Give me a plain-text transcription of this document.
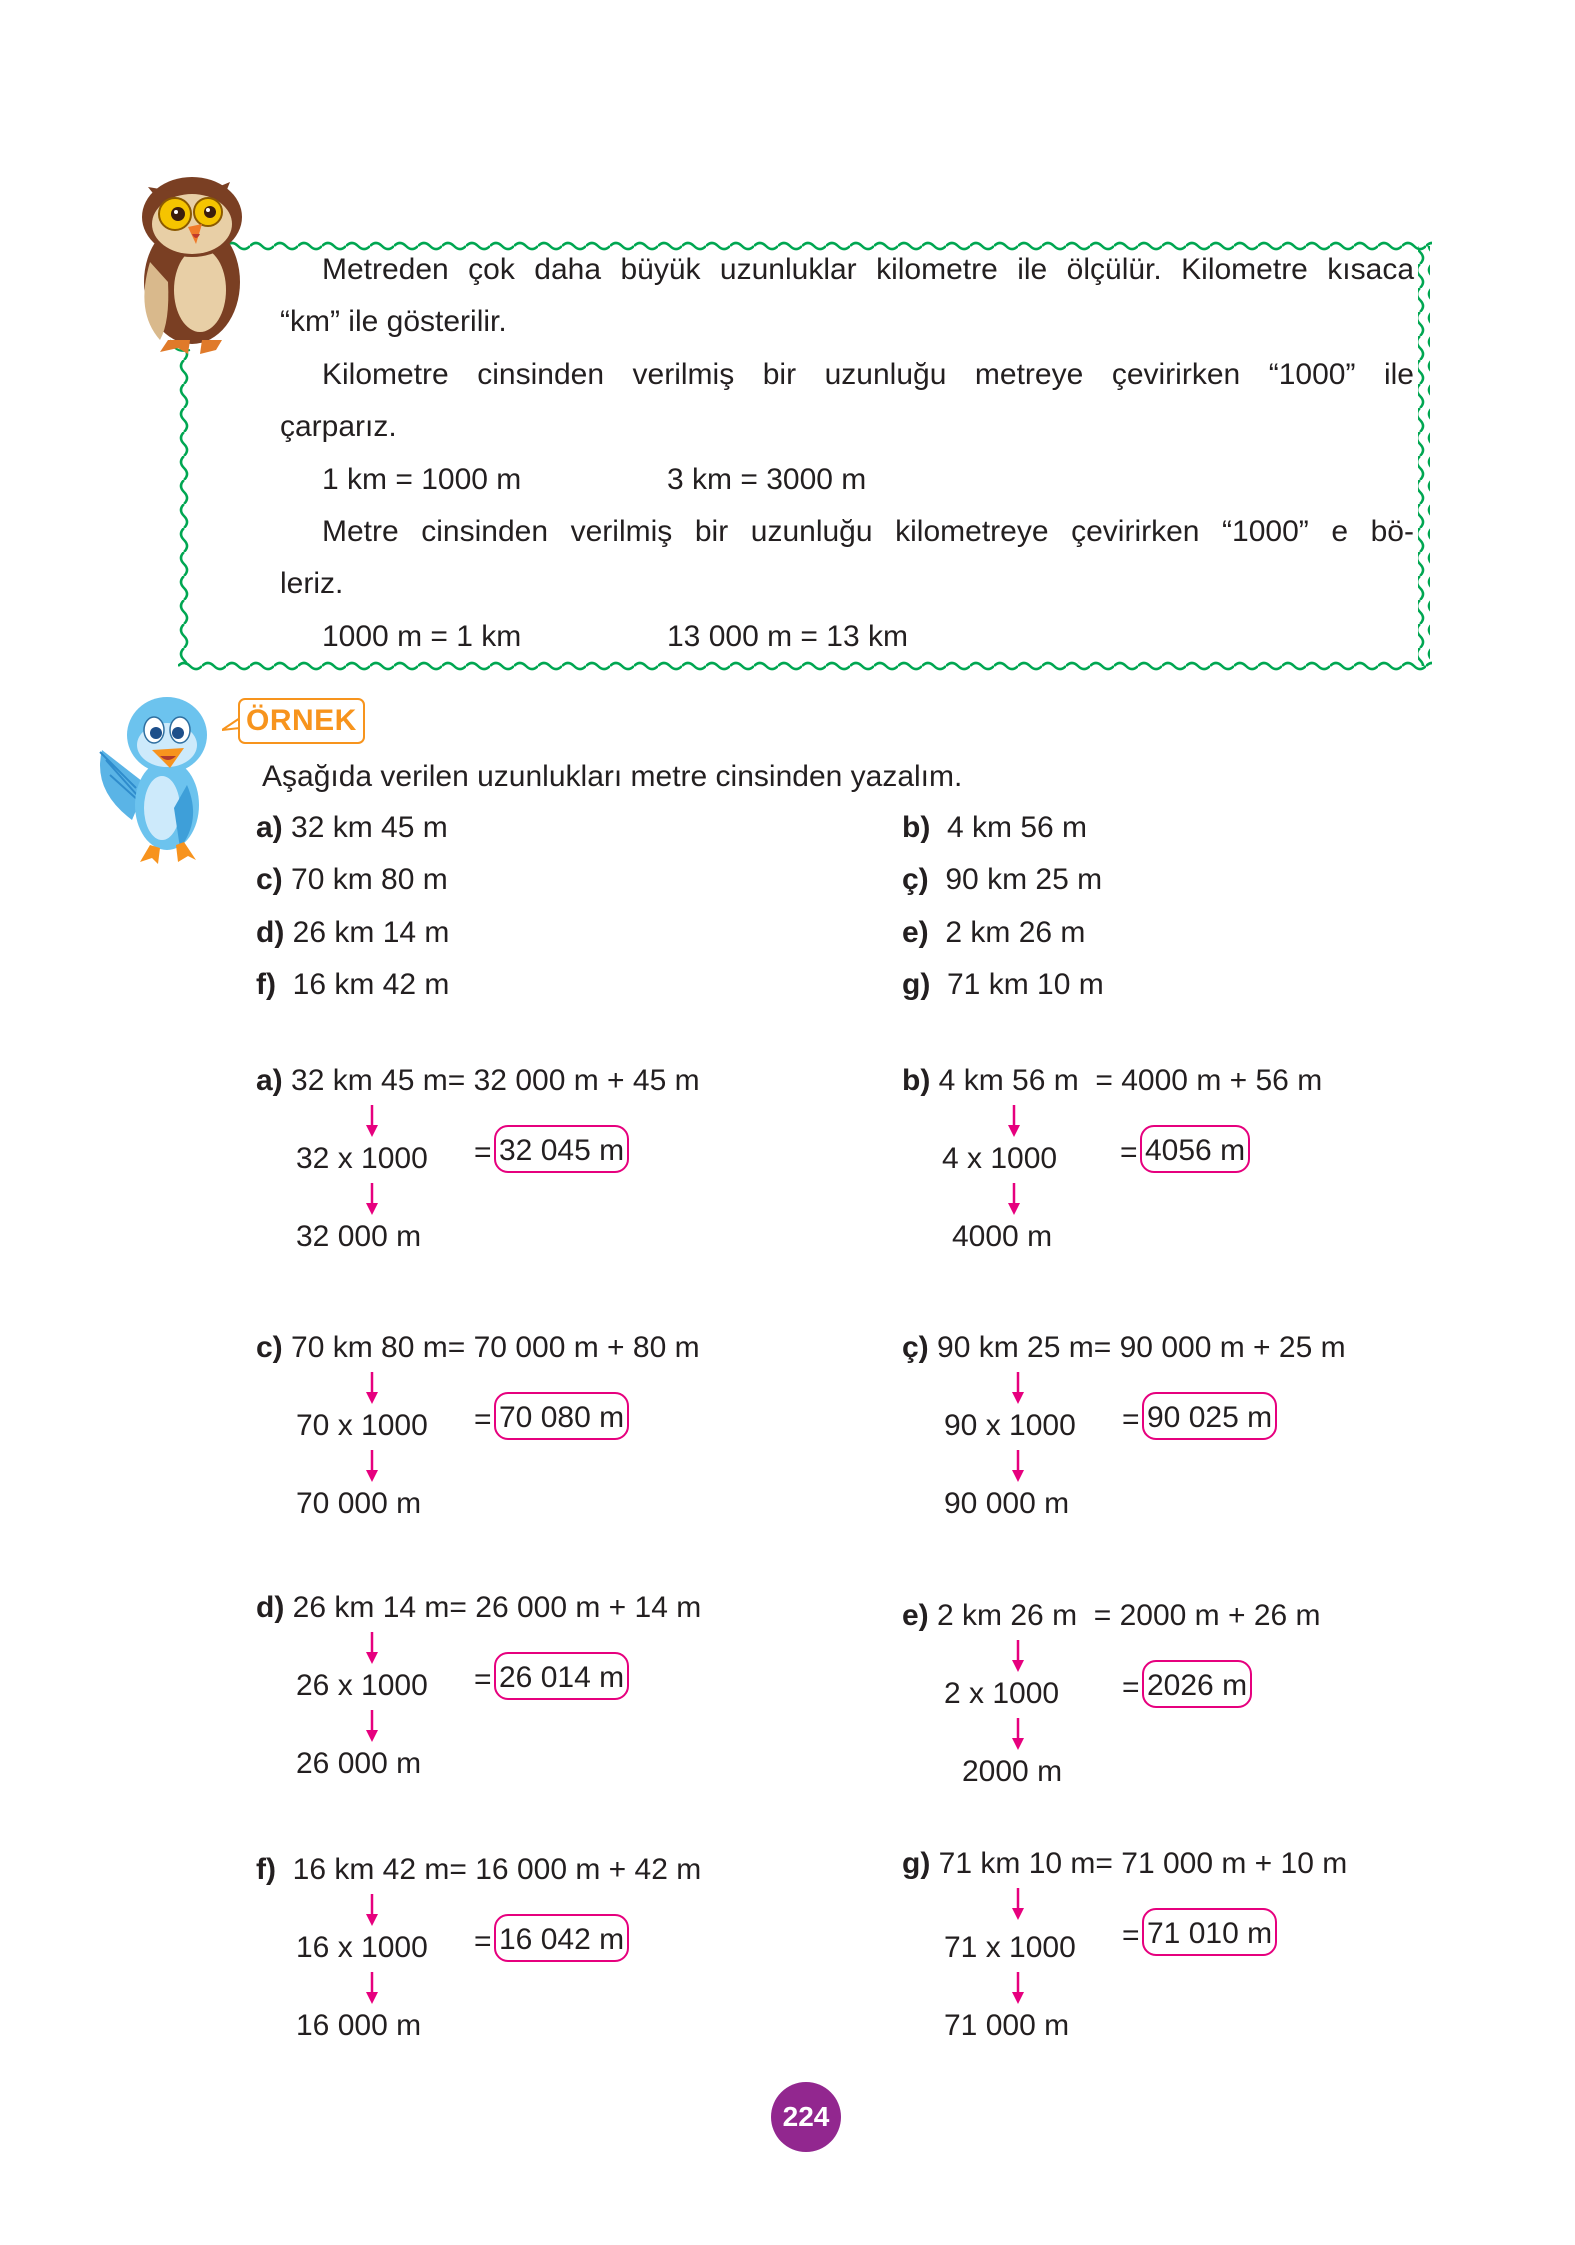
Metreden çok daha büyük uzunluklar kilometre ile ölçülür. Kilometre kısaca
“km” ile gösterilir.
Kilometre cinsinden verilmiş bir uzunluğu metreye çevirirken “1000” ile
çarparız.
1 km = 1000 m	3 km = 3000 m
Metre cinsinden verilmiş bir uzunluğu kilometreye çevirirken “1000” e bö-
leriz.
1000 m = 1 km	13 000 m = 13 km
ÖRNEK
Aşağıda verilen uzunlukları metre cinsinden yazalım.
a) 32 km 45 m	b) 4 km 56 m
c) 70 km 80 m	ç) 90 km 25 m
d) 26 km 14 m	e) 2 km 26 m
f) 16 km 42 m	g) 71 km 10 m
a) 32 km 45 m= 32 000 m + 45 m
32 x 1000 = 32 045 m
32 000 m
b) 4 km 56 m = 4000 m + 56 m
4 x 1000 = 4056 m
4000 m
c) 70 km 80 m= 70 000 m + 80 m
70 x 1000 = 70 080 m
70 000 m
ç) 90 km 25 m= 90 000 m + 25 m
90 x 1000 = 90 025 m
90 000 m
d) 26 km 14 m= 26 000 m + 14 m
26 x 1000 = 26 014 m
26 000 m
e) 2 km 26 m = 2000 m + 26 m
2 x 1000 = 2026 m
2000 m
f) 16 km 42 m= 16 000 m + 42 m
16 x 1000 = 16 042 m
16 000 m
g) 71 km 10 m= 71 000 m + 10 m
71 x 1000 = 71 010 m
71 000 m
224
